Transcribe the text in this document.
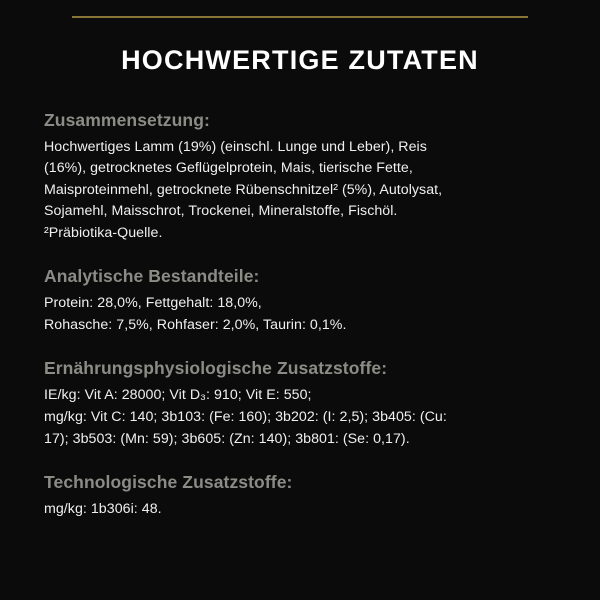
HOCHWERTIGE ZUTATEN
Zusammensetzung:
Hochwertiges Lamm (19%) (einschl. Lunge und Leber), Reis
(16%), getrocknetes Geflügelprotein, Mais, tierische Fette,
Maisproteinmehl, getrocknete Rübenschnitzel² (5%), Autolysat,
Sojamehl, Maisschrot, Trockenei, Mineralstoffe, Fischöl.
²Präbiotika-Quelle.
Analytische Bestandteile:
Protein: 28,0%, Fettgehalt: 18,0%,
Rohasche: 7,5%, Rohfaser: 2,0%, Taurin: 0,1%.
Ernährungsphysiologische Zusatzstoffe:
IE/kg: Vit A: 28000; Vit D₃: 910; Vit E: 550;
mg/kg: Vit C: 140; 3b103: (Fe: 160); 3b202: (I: 2,5); 3b405: (Cu:
17); 3b503: (Mn: 59); 3b605: (Zn: 140); 3b801: (Se: 0,17).
Technologische Zusatzstoffe:
mg/kg: 1b306i: 48.
